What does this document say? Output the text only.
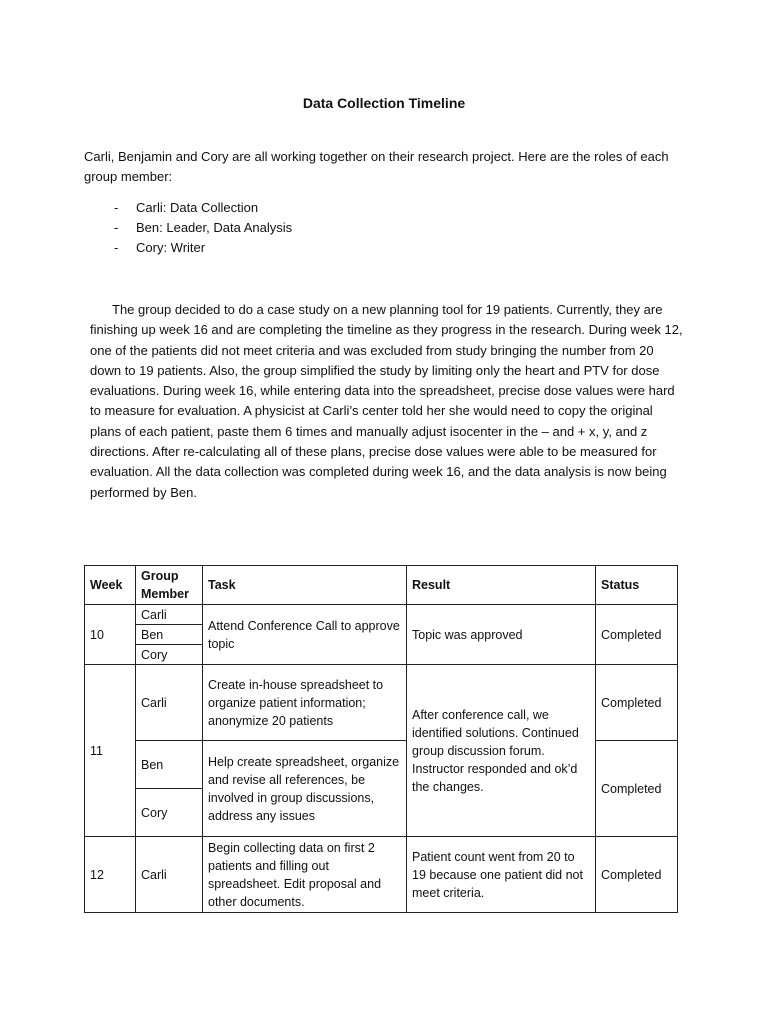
Data Collection Timeline

Carli, Benjamin and Cory are all working together on their research project. Here are the roles of each group member:

- Carli: Data Collection
- Ben: Leader, Data Analysis
- Cory: Writer

The group decided to do a case study on a new planning tool for 19 patients. Currently, they are finishing up week 16 and are completing the timeline as they progress in the research. During week 12, one of the patients did not meet criteria and was excluded from study bringing the number from 20 down to 19 patients. Also, the group simplified the study by limiting only the heart and PTV for dose evaluations. During week 16, while entering data into the spreadsheet, precise dose values were hard to measure for evaluation. A physicist at Carli’s center told her she would need to copy the original plans of each patient, paste them 6 times and manually adjust isocenter in the – and + x, y, and z directions. After re-calculating all of these plans, precise dose values were able to be measured for evaluation. All the data collection was completed during week 16, and the data analysis is now being performed by Ben.

Week	Group Member	Task	Result	Status
10	Carli	Attend Conference Call to approve topic	Topic was approved	Completed
	Ben			
	Cory			
11	Carli	Create in-house spreadsheet to organize patient information; anonymize 20 patients	After conference call, we identified solutions. Continued group discussion forum. Instructor responded and ok’d the changes.	Completed
	Ben	Help create spreadsheet, organize and revise all references, be involved in group discussions, address any issues		Completed
	Cory			
12	Carli	Begin collecting data on first 2 patients and filling out spreadsheet. Edit proposal and other documents.	Patient count went from 20 to 19 because one patient did not meet criteria.	Completed
